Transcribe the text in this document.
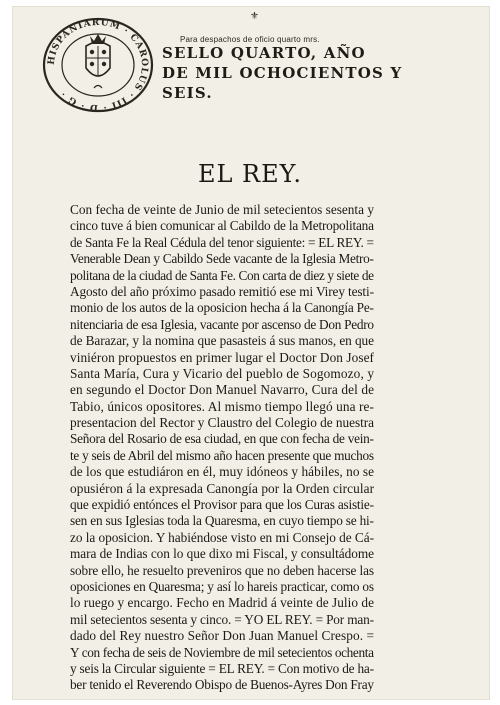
HISPANIARUM · CAROLUS · III · D · G ·
⚜
Para despachos de oficio quarto mrs.
SELLO QUARTO, AÑO
DE MIL OCHOCIENTOS Y
SEIS.
EL REY.
Con fecha de veinte de Junio de mil setecientos sesenta y
cinco tuve á bien comunicar al Cabildo de la Metropolitana
de Santa Fe la Real Cédula del tenor siguiente: = EL REY. =
Venerable Dean y Cabildo Sede vacante de la Iglesia Metro-
politana de la ciudad de Santa Fe. Con carta de diez y siete de
Agosto del año próximo pasado remitió ese mi Virey testi-
monio de los autos de la oposicion hecha á la Canongía Pe-
nitenciaria de esa Iglesia, vacante por ascenso de Don Pedro
de Barazar, y la nomina que pasasteis á sus manos, en que
viniéron propuestos en primer lugar el Doctor Don Josef
Santa María, Cura y Vicario del pueblo de Sogomozo, y
en segundo el Doctor Don Manuel Navarro, Cura del de
Tabio, únicos opositores. Al mismo tiempo llegó una re-
presentacion del Rector y Claustro del Colegio de nuestra
Señora del Rosario de esa ciudad, en que con fecha de vein-
te y seis de Abril del mismo año hacen presente que muchos
de los que estudiáron en él, muy idóneos y hábiles, no se
opusiéron á la expresada Canongía por la Orden circular
que expidió entónces el Provisor para que los Curas asistie-
sen en sus Iglesias toda la Quaresma, en cuyo tiempo se hi-
zo la oposicion. Y habiéndose visto en mi Consejo de Cá-
mara de Indias con lo que dixo mi Fiscal, y consultádome
sobre ello, he resuelto preveniros que no deben hacerse las
oposiciones en Quaresma; y así lo hareis practicar, como os
lo ruego y encargo. Fecho en Madrid á veinte de Julio de
mil setecientos sesenta y cinco. = YO EL REY. = Por man-
dado del Rey nuestro Señor Don Juan Manuel Crespo. =
Y con fecha de seis de Noviembre de mil setecientos ochenta
y seis la Circular siguiente = EL REY. = Con motivo de ha-
ber tenido el Reverendo Obispo de Buenos-Ayres Don Fray
